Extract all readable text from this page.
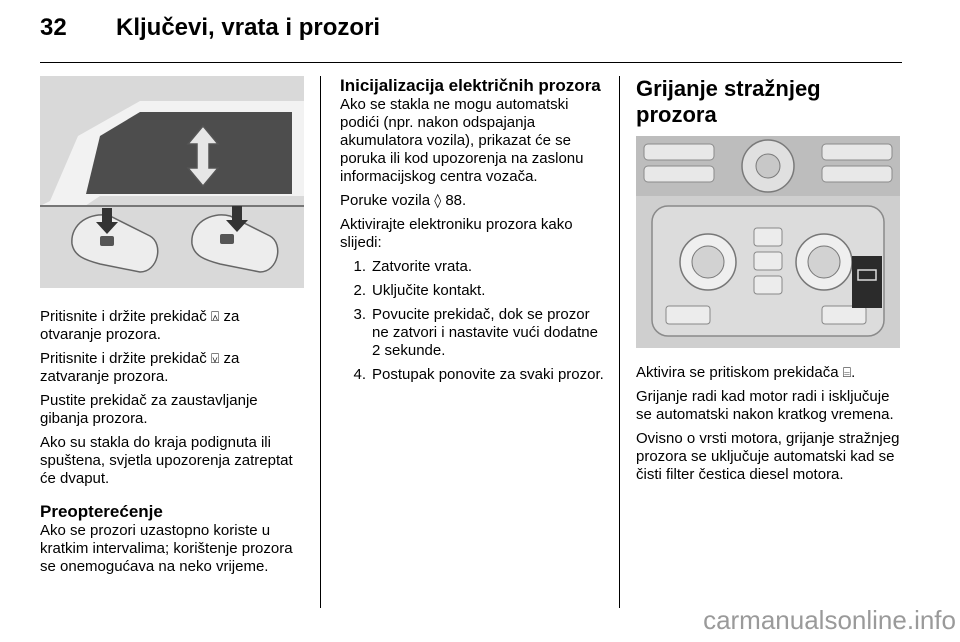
32 Ključevi, vrata i prozori

Pritisnite i držite prekidač ⍓ za otvaranje prozora.

Pritisnite i držite prekidač ⍌ za zatvaranje prozora.

Pustite prekidač za zaustavljanje gibanja prozora.

Ako su stakla do kraja podignuta ili spuštena, svjetla upozorenja zatreptat će dvaput.

Preopterećenje

Ako se prozori uzastopno koriste u kratkim intervalima; korištenje prozora se onemogućava na neko vrijeme.

Inicijalizacija električnih prozora

Ako se stakla ne mogu automatski podići (npr. nakon odspajanja akumulatora vozila), prikazat će se poruka ili kod upozorenja na zaslonu informacijskog centra vozača.

Poruke vozila ◊ 88.

Aktivirajte elektroniku prozora kako slijedi:

1. Zatvorite vrata.
2. Uključite kontakt.
3. Povucite prekidač, dok se prozor ne zatvori i nastavite vući dodatne 2 sekunde.
4. Postupak ponovite za svaki prozor.
Grijanje stražnjeg prozora

Aktivira se pritiskom prekidača ⌸.

Grijanje radi kad motor radi i isključuje se automatski nakon kratkog vremena.

Ovisno o vrsti motora, grijanje stražnjeg prozora se uključuje automatski kad se čisti filter čestica diesel motora.

carmanualsonline.info
